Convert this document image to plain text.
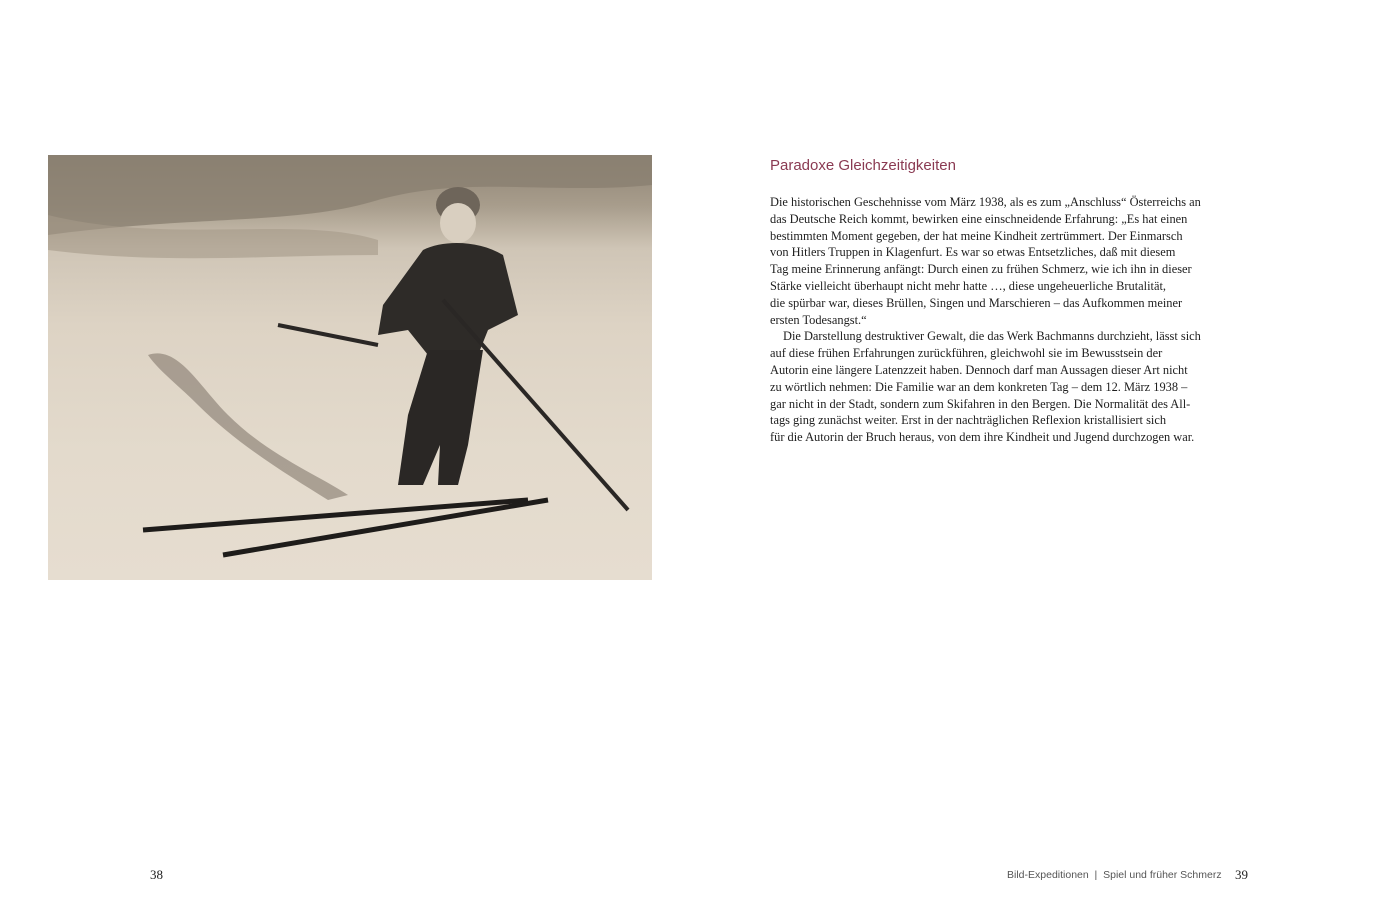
Paradoxe Gleichzeitigkeiten
Die historischen Geschehnisse vom März 1938, als es zum „Anschluss“ Österreichs an
das Deutsche Reich kommt, bewirken eine einschneidende Erfahrung: „Es hat einen
bestimmten Moment gegeben, der hat meine Kindheit zertrümmert. Der Einmarsch
von Hitlers Truppen in Klagenfurt. Es war so etwas Entsetzliches, daß mit diesem
Tag meine Erinnerung anfängt: Durch einen zu frühen Schmerz, wie ich ihn in dieser
Stärke vielleicht überhaupt nicht mehr hatte …, diese ungeheuerliche Brutalität,
die spürbar war, dieses Brüllen, Singen und Marschieren – das Aufkommen meiner
ersten Todesangst.“
Die Darstellung destruktiver Gewalt, die das Werk Bachmanns durchzieht, lässt sich
auf diese frühen Erfahrungen zurückführen, gleichwohl sie im Bewusstsein der
Autorin eine längere Latenzzeit haben. Dennoch darf man Aussagen dieser Art nicht
zu wörtlich nehmen: Die Familie war an dem konkreten Tag – dem 12. März 1938 –
gar nicht in der Stadt, sondern zum Skifahren in den Bergen. Die Normalität des All-
tags ging zunächst weiter. Erst in der nachträglichen Reflexion kristallisiert sich
für die Autorin der Bruch heraus, von dem ihre Kindheit und Jugend durchzogen war.
38	Bild-Expeditionen  |  Spiel und früher Schmerz 39
